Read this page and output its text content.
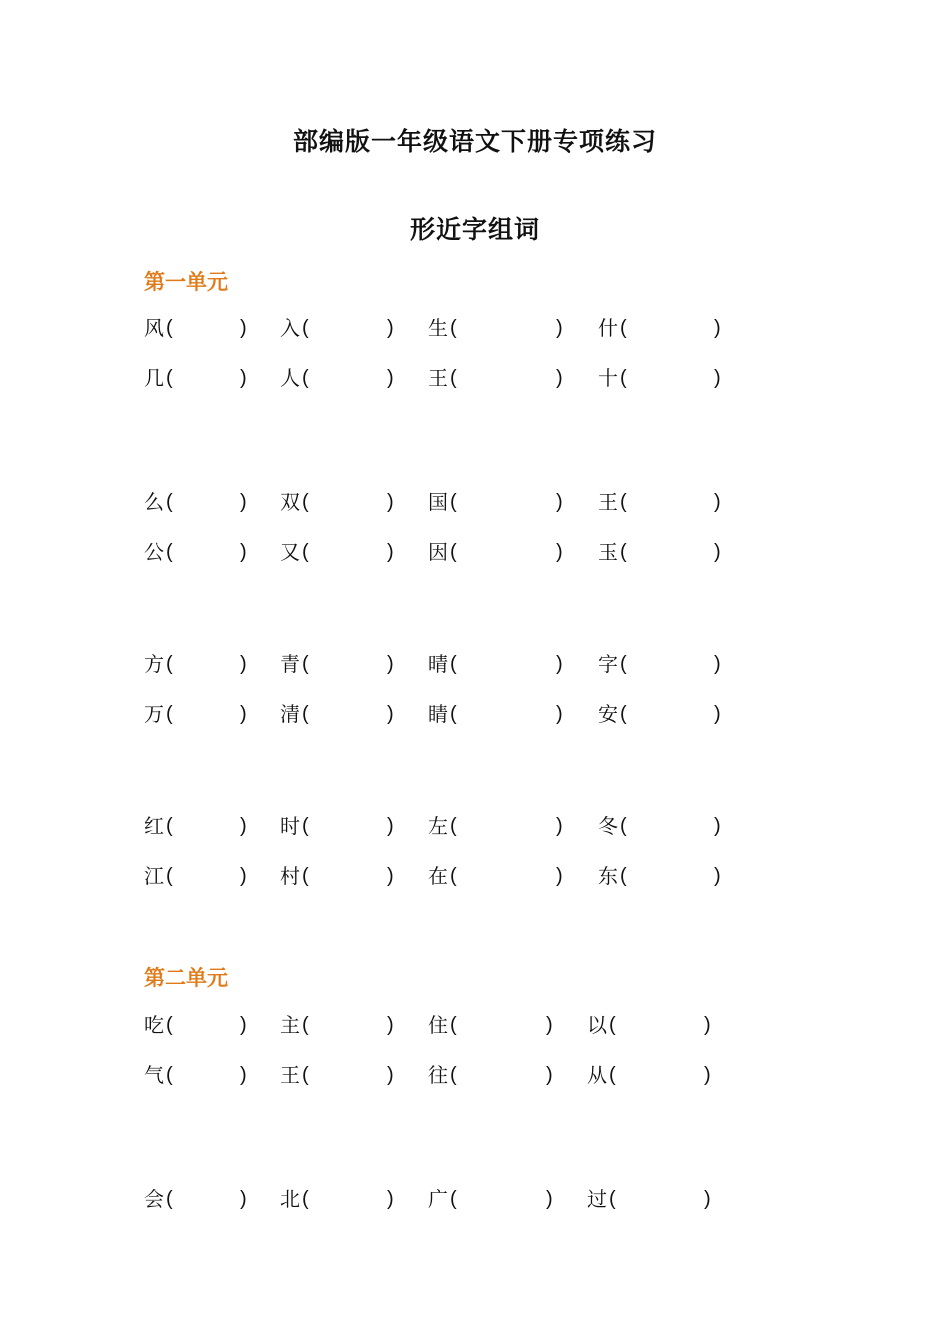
部编版一年级语文下册专项练习
形近字组词
第一单元
风 (	) 入 (	) 生 (	) 什 (	)
几 (	) 人 (	) 王 (	) 十 (	)
么 (	) 双 (	) 国 (	) 王 (	)
公 (	) 又 (	) 因 (	) 玉 (	)
方 (	) 青 (	) 晴 (	) 字 (	)
万 (	) 清 (	) 睛 (	) 安 (	)
红 (	) 时 (	) 左 (	) 冬 (	)
江 (	) 村 (	) 在 (	) 东 (	)
第二单元
吃 (	) 主 (	) 住 (	) 以 (	)
气 (	) 王 (	) 往 (	) 从 (	)
会 (	) 北 (	) 广 (	) 过 (	)
